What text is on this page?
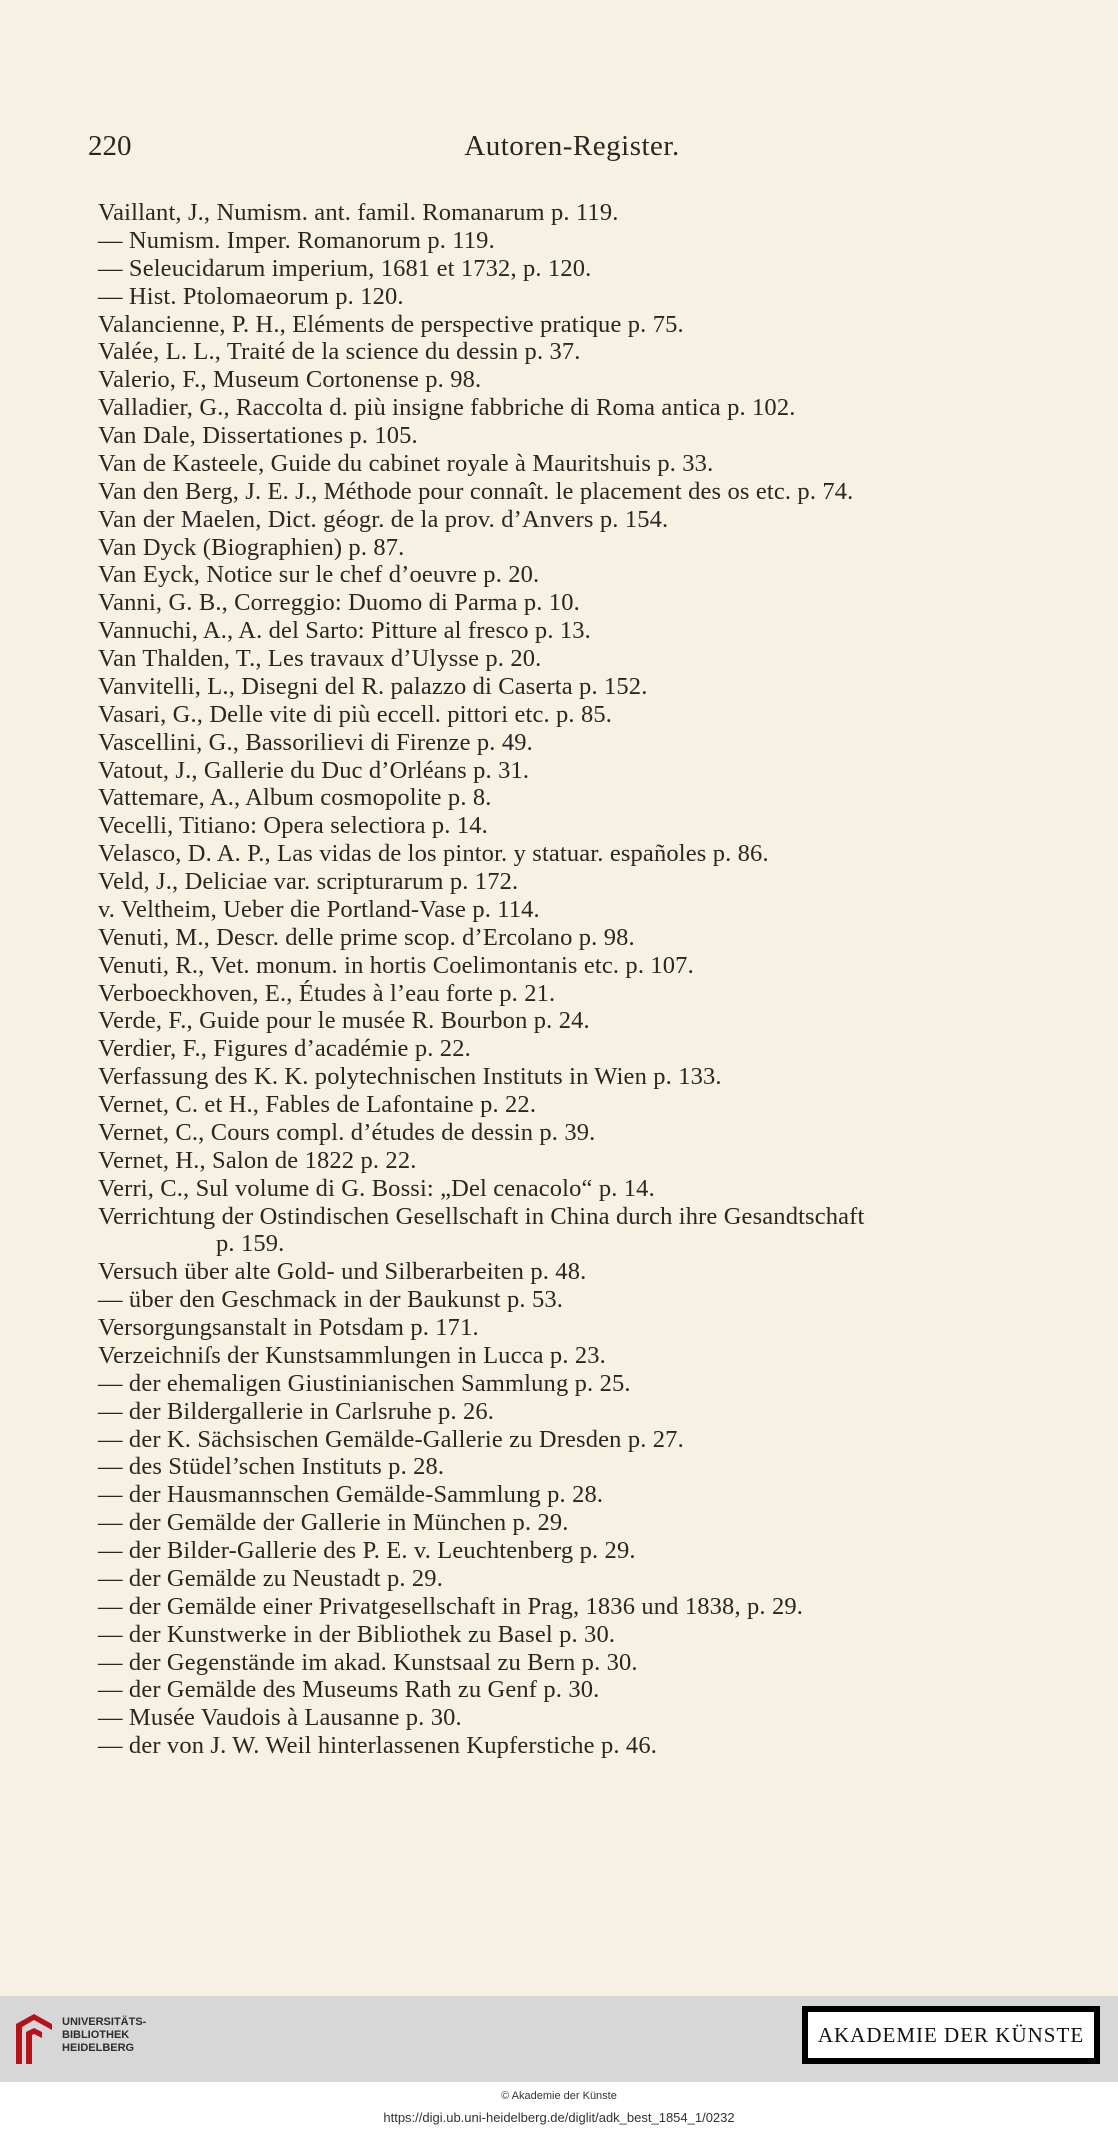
220	Autoren-Register.
Vaillant, J., Numism. ant. famil. Romanarum p. 119.
— Numism. Imper. Romanorum p. 119.
— Seleucidarum imperium, 1681 et 1732, p. 120.
— Hist. Ptolomaeorum p. 120.
Valancienne, P. H., Eléments de perspective pratique p. 75.
Valée, L. L., Traité de la science du dessin p. 37.
Valerio, F., Museum Cortonense p. 98.
Valladier, G., Raccolta d. più insigne fabbriche di Roma antica p. 102.
Van Dale, Dissertationes p. 105.
Van de Kasteele, Guide du cabinet royale à Mauritshuis p. 33.
Van den Berg, J. E. J., Méthode pour connaît. le placement des os etc. p. 74.
Van der Maelen, Dict. géogr. de la prov. d’Anvers p. 154.
Van Dyck (Biographien) p. 87.
Van Eyck, Notice sur le chef d’oeuvre p. 20.
Vanni, G. B., Correggio: Duomo di Parma p. 10.
Vannuchi, A., A. del Sarto: Pitture al fresco p. 13.
Van Thalden, T., Les travaux d’Ulysse p. 20.
Vanvitelli, L., Disegni del R. palazzo di Caserta p. 152.
Vasari, G., Delle vite di più eccell. pittori etc. p. 85.
Vascellini, G., Bassorilievi di Firenze p. 49.
Vatout, J., Gallerie du Duc d’Orléans p. 31.
Vattemare, A., Album cosmopolite p. 8.
Vecelli, Titiano: Opera selectiora p. 14.
Velasco, D. A. P., Las vidas de los pintor. y statuar. españoles p. 86.
Veld, J., Deliciae var. scripturarum p. 172.
v. Veltheim, Ueber die Portland-Vase p. 114.
Venuti, M., Descr. delle prime scop. d’Ercolano p. 98.
Venuti, R., Vet. monum. in hortis Coelimontanis etc. p. 107.
Verboeckhoven, E., Études à l’eau forte p. 21.
Verde, F., Guide pour le musée R. Bourbon p. 24.
Verdier, F., Figures d’académie p. 22.
Verfassung des K. K. polytechnischen Instituts in Wien p. 133.
Vernet, C. et H., Fables de Lafontaine p. 22.
Vernet, C., Cours compl. d’études de dessin p. 39.
Vernet, H., Salon de 1822 p. 22.
Verri, C., Sul volume di G. Bossi: „Del cenacolo“ p. 14.
Verrichtung der Ostindischen Gesellschaft in China durch ihre Gesandtschaft
p. 159.
Versuch über alte Gold- und Silberarbeiten p. 48.
— über den Geschmack in der Baukunst p. 53.
Versorgungsanstalt in Potsdam p. 171.
Verzeichniſs der Kunstsammlungen in Lucca p. 23.
— der ehemaligen Giustinianischen Sammlung p. 25.
— der Bildergallerie in Carlsruhe p. 26.
— der K. Sächsischen Gemälde-Gallerie zu Dresden p. 27.
— des Stüdel’schen Instituts p. 28.
— der Hausmannschen Gemälde-Sammlung p. 28.
— der Gemälde der Gallerie in München p. 29.
— der Bilder-Gallerie des P. E. v. Leuchtenberg p. 29.
— der Gemälde zu Neustadt p. 29.
— der Gemälde einer Privatgesellschaft in Prag, 1836 und 1838, p. 29.
— der Kunstwerke in der Bibliothek zu Basel p. 30.
— der Gegenstände im akad. Kunstsaal zu Bern p. 30.
— der Gemälde des Museums Rath zu Genf p. 30.
— Musée Vaudois à Lausanne p. 30.
— der von J. W. Weil hinterlassenen Kupferstiche p. 46.
UNIVERSITÄTS-
BIBLIOTHEK
HEIDELBERG
AKADEMIE DER KÜNSTE
© Akademie der Künste
https://digi.ub.uni-heidelberg.de/diglit/adk_best_1854_1/0232
